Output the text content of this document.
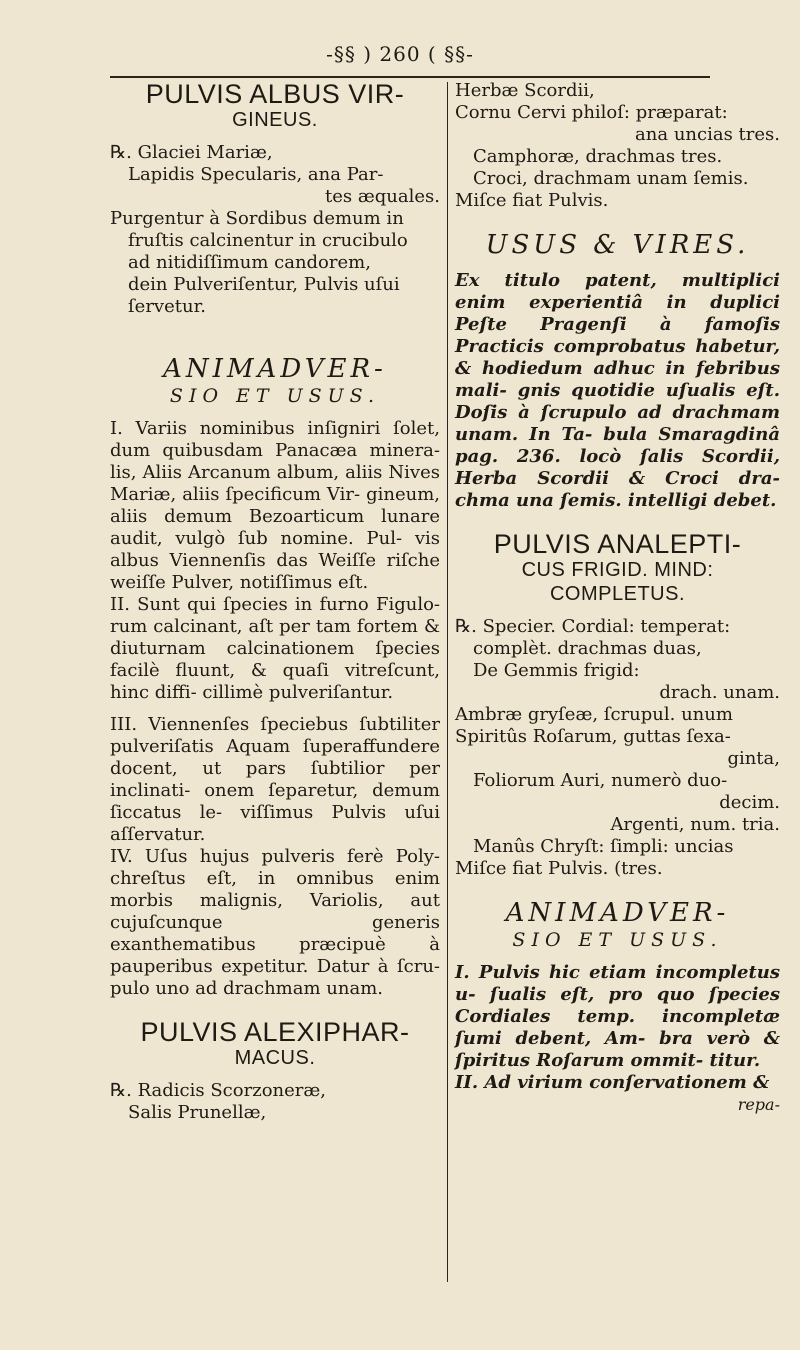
-§§ ) 260 ( §§-

PULVIS ALBUS VIR-
GINEUS.

℞. Glaciei Mariæ,

Lapidis Specularis, ana Par-

tes æquales.

Purgentur à Sordibus demum in

fruſtis calcinentur in crucibulo

ad nitidiſſimum candorem,

dein Pulveriſentur, Pulvis uſui

ſervetur.

ANIMADVER-
SIO ET USUS.

I. Variis nominibus inſigniri ſolet, dum quibusdam Panacæa minera- lis, Aliis Arcanum album, aliis Nives Mariæ, aliis ſpecificum Vir- gineum, aliis demum Bezoarticum lunare audit, vulgò ſub nomine. Pul- vis albus Viennenſis das Weiſſe riſche weiſſe Pulver, notiſſimus eſt.

II. Sunt qui ſpecies in furno Figulo- rum calcinant, aſt per tam fortem & diuturnam calcinationem ſpecies facilè fluunt, & quaſi vitreſcunt, hinc diffi- cillimè pulveriſantur.

III. Viennenſes ſpeciebus ſubtiliter pulveriſatis Aquam ſuperaffundere docent, ut pars ſubtilior per inclinati- onem ſeparetur, demum ſiccatus le- viſſimus Pulvis uſui aſſervatur.

IV. Uſus hujus pulveris ferè Poly- chreſtus eſt, in omnibus enim morbis malignis, Variolis, aut cujuſcunque generis exanthematibus præcipuè à pauperibus expetitur. Datur à ſcru- pulo uno ad drachmam unam.

PULVIS ALEXIPHAR-
MACUS.

℞. Radicis Scorzoneræ,

Salis Prunellæ,

Herbæ Scordii,

Cornu Cervi philoſ: præparat:

ana uncias tres.

Camphoræ, drachmas tres.

Croci, drachmam unam ſemis.

Miſce fiat Pulvis.

USUS & VIRES.

Ex titulo patent, multiplici enim experientiâ in duplici Peſte Pragenſi à famoſis Practicis comprobatus habetur, & hodiedum adhuc in febribus mali- gnis quotidie uſualis eſt. Doſis à ſcrupulo ad drachmam unam. In Ta- bula Smaragdinâ pag. 236. locò ſalis Scordii, Herba Scordii & Croci dra- chma una ſemis. intelligi debet.

PULVIS ANALEPTI-
CUS FRIGID. MIND: COMPLETUS.

℞. Specier. Cordial: temperat:

complèt. drachmas duas,

De Gemmis frigid:

drach. unam.

Ambræ gryſeæ, ſcrupul. unum

Spiritûs Roſarum, guttas ſexa-

ginta,

Foliorum Auri, numerò duo-

decim.

Argenti, num. tria.

Manûs Chryſt: ſimpli: uncias

Miſce fiat Pulvis. (tres.

ANIMADVER-
SIO ET USUS.

I. Pulvis hic etiam incompletus u- ſualis eſt, pro quo ſpecies Cordiales temp. incompletæ ſumi debent, Am- bra verò & ſpiritus Roſarum ommit- titur.

II. Ad virium conſervationem &

repa-
